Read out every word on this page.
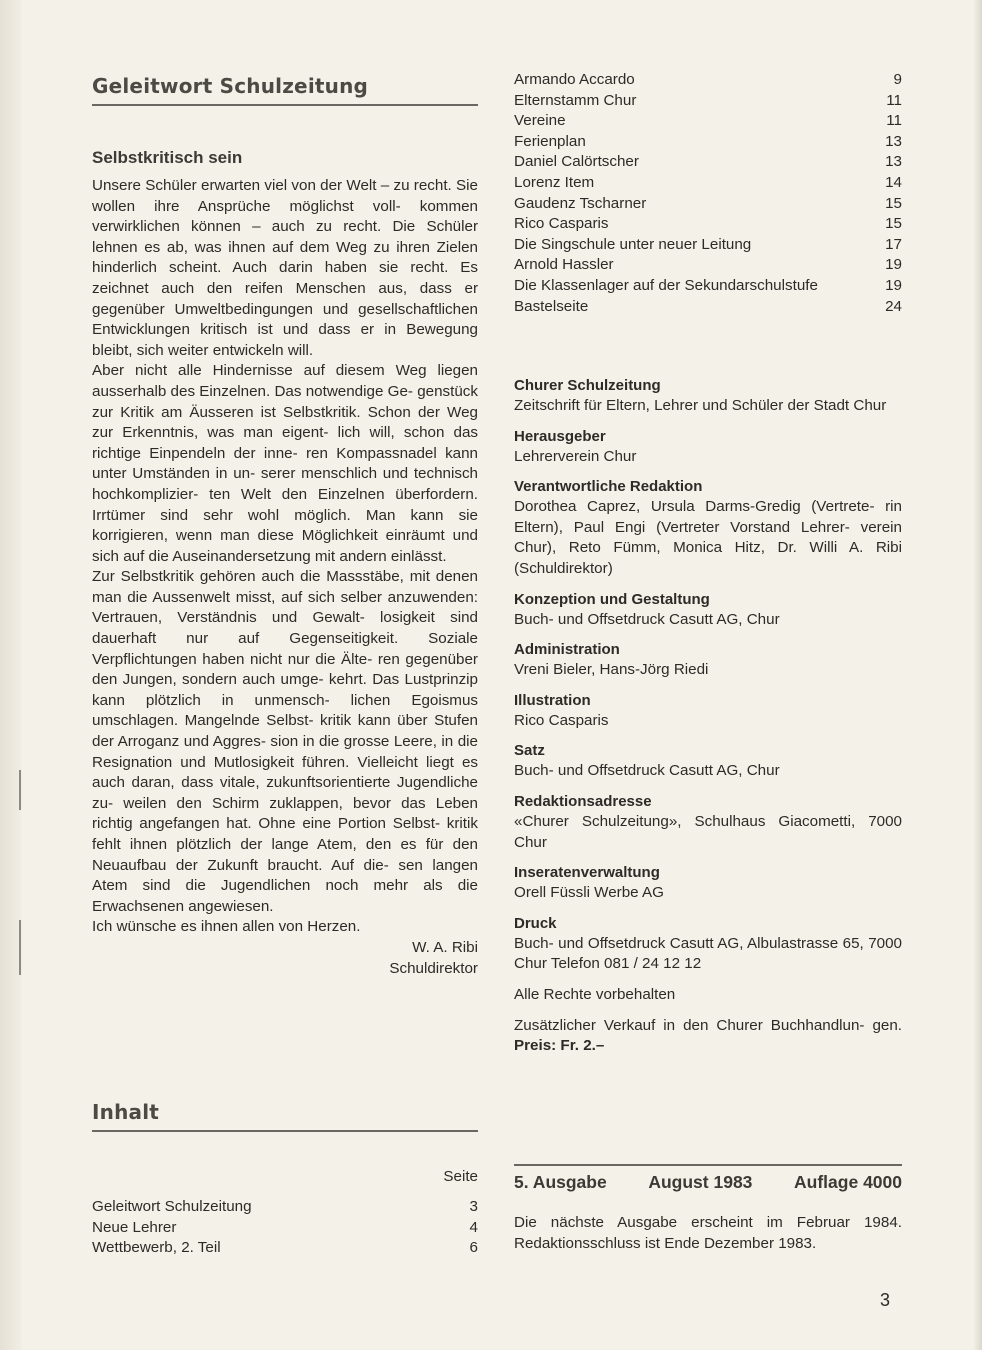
Geleitwort Schulzeitung
Selbstkritisch sein

Unsere Schüler erwarten viel von der Welt – zu recht. Sie wollen ihre Ansprüche möglichst voll- kommen verwirklichen können – auch zu recht. Die Schüler lehnen es ab, was ihnen auf dem Weg zu ihren Zielen hinderlich scheint. Auch darin haben sie recht. Es zeichnet auch den reifen Menschen aus, dass er gegenüber Umweltbedingungen und gesellschaftlichen Entwicklungen kritisch ist und dass er in Bewegung bleibt, sich weiter entwickeln will.

Aber nicht alle Hindernisse auf diesem Weg liegen ausserhalb des Einzelnen. Das notwendige Ge- genstück zur Kritik am Äusseren ist Selbstkritik. Schon der Weg zur Erkenntnis, was man eigent- lich will, schon das richtige Einpendeln der inne- ren Kompassnadel kann unter Umständen in un- serer menschlich und technisch hochkomplizier- ten Welt den Einzelnen überfordern. Irrtümer sind sehr wohl möglich. Man kann sie korrigieren, wenn man diese Möglichkeit einräumt und sich auf die Auseinandersetzung mit andern einlässt.

Zur Selbstkritik gehören auch die Massstäbe, mit denen man die Aussenwelt misst, auf sich selber anzuwenden: Vertrauen, Verständnis und Gewalt- losigkeit sind dauerhaft nur auf Gegenseitigkeit. Soziale Verpflichtungen haben nicht nur die Älte- ren gegenüber den Jungen, sondern auch umge- kehrt. Das Lustprinzip kann plötzlich in unmensch- lichen Egoismus umschlagen. Mangelnde Selbst- kritik kann über Stufen der Arroganz und Aggres- sion in die grosse Leere, in die Resignation und Mutlosigkeit führen. Vielleicht liegt es auch daran, dass vitale, zukunftsorientierte Jugendliche zu- weilen den Schirm zuklappen, bevor das Leben richtig angefangen hat. Ohne eine Portion Selbst- kritik fehlt ihnen plötzlich der lange Atem, den es für den Neuaufbau der Zukunft braucht. Auf die- sen langen Atem sind die Jugendlichen noch mehr als die Erwachsenen angewiesen.

Ich wünsche es ihnen allen von Herzen.

W. A. Ribi
Schuldirektor
Inhalt
Seite
Geleitwort Schulzeitung	3
Neue Lehrer	4
Wettbewerb, 2. Teil	6
Armando Accardo	9
Elternstamm Chur	11
Vereine	11
Ferienplan	13
Daniel Calörtscher	13
Lorenz Item	14
Gaudenz Tscharner	15
Rico Casparis	15
Die Singschule unter neuer Leitung	17
Arnold Hassler	19
Die Klassenlager auf der Sekundarschulstufe	19
Bastelseite	24
Churer Schulzeitung
Zeitschrift für Eltern, Lehrer und Schüler der Stadt Chur
Herausgeber
Lehrerverein Chur
Verantwortliche Redaktion
Dorothea Caprez, Ursula Darms-Gredig (Vertrete- rin Eltern), Paul Engi (Vertreter Vorstand Lehrer- verein Chur), Reto Fümm, Monica Hitz, Dr. Willi A. Ribi (Schuldirektor)
Konzeption und Gestaltung
Buch- und Offsetdruck Casutt AG, Chur
Administration
Vreni Bieler, Hans-Jörg Riedi
Illustration
Rico Casparis
Satz
Buch- und Offsetdruck Casutt AG, Chur
Redaktionsadresse
«Churer Schulzeitung», Schulhaus Giacometti, 7000 Chur
Inseratenverwaltung
Orell Füssli Werbe AG
Druck
Buch- und Offsetdruck Casutt AG, Albulastrasse 65, 7000 Chur Telefon 081 / 24 12 12
Alle Rechte vorbehalten
Zusätzlicher Verkauf in den Churer Buchhandlun- gen. Preis: Fr. 2.–
5. Ausgabe August 1983 Auflage 4000
Die nächste Ausgabe erscheint im Februar 1984. Redaktionsschluss ist Ende Dezember 1983.
3
